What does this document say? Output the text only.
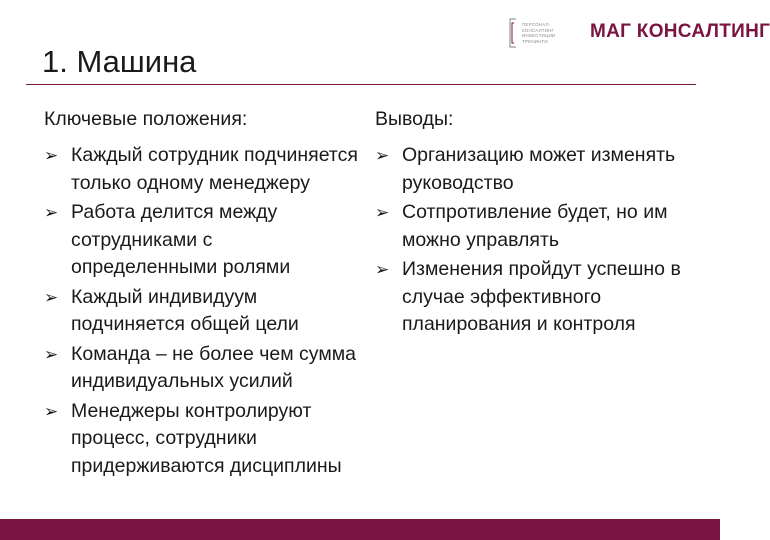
ПЕРСОНАЛ
КОНСАЛТИНГ
ИНВЕСТИЦИИ
ТРЕНИНГИ	МАГ КОНСАЛТИНГ
1. Машина
Ключевые положения:
➢ Каждый сотрудник подчиняется только одному менеджеру
➢ Работа делится между сотрудниками с определенными ролями
➢ Каждый индивидуум подчиняется общей цели
➢ Команда – не более чем сумма индивидуальных усилий
➢ Менеджеры контролируют процесс, сотрудники придерживаются дисциплины
Выводы:
➢ Организацию может изменять руководство
➢ Сотпротивление будет, но им можно управлять
➢ Изменения пройдут успешно в случае эффективного планирования и контроля
